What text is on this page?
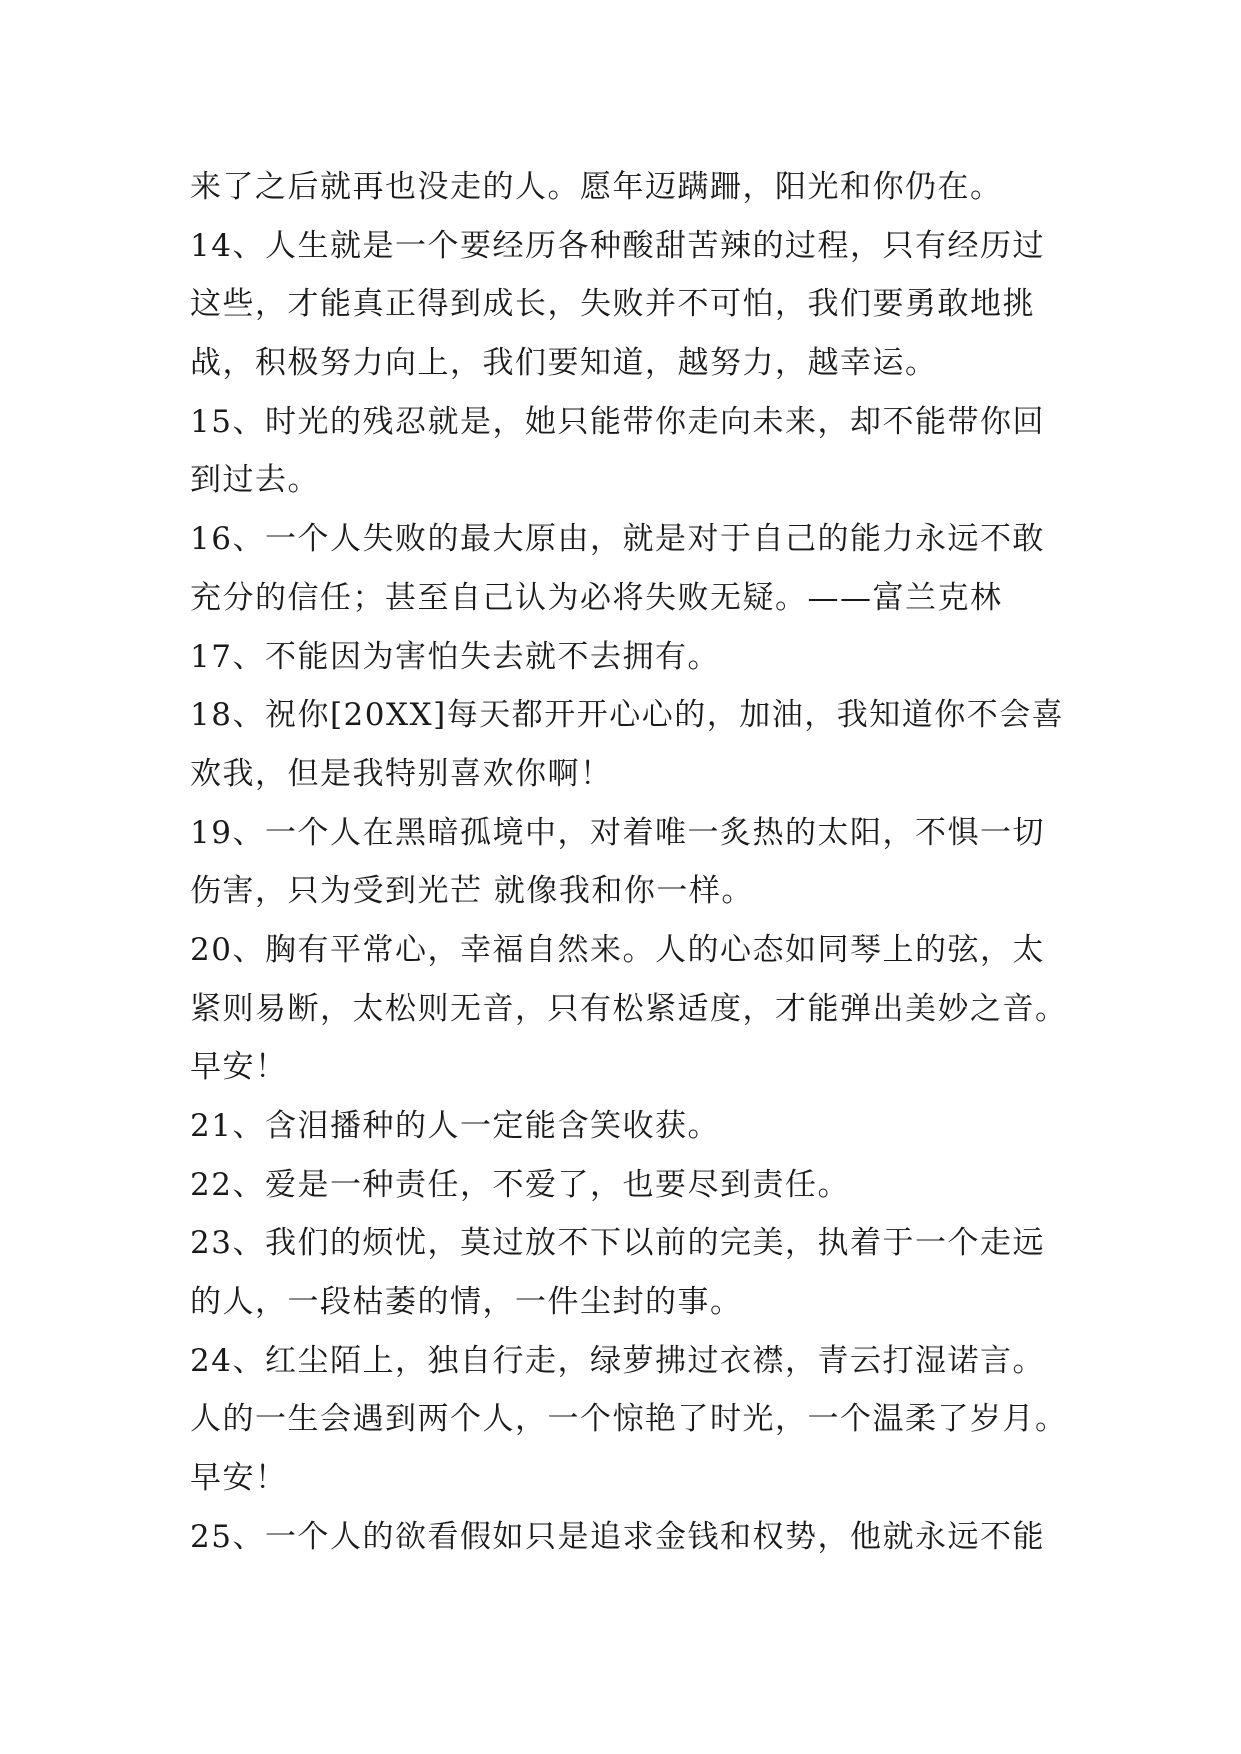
来了之后就再也没走的人。愿年迈蹒跚，阳光和你仍在。
14、人生就是一个要经历各种酸甜苦辣的过程，只有经历过
这些，才能真正得到成长，失败并不可怕，我们要勇敢地挑
战，积极努力向上，我们要知道，越努力，越幸运。
15、时光的残忍就是，她只能带你走向未来，却不能带你回
到过去。
16、一个人失败的最大原由，就是对于自己的能力永远不敢
充分的信任；甚至自己认为必将失败无疑。——富兰克林
17、不能因为害怕失去就不去拥有。
18、祝你[20XX]每天都开开心心的，加油，我知道你不会喜
欢我，但是我特别喜欢你啊！
19、一个人在黑暗孤境中，对着唯一炙热的太阳，不惧一切
伤害，只为受到光芒 就像我和你一样。
20、胸有平常心，幸福自然来。人的心态如同琴上的弦，太
紧则易断，太松则无音，只有松紧适度，才能弹出美妙之音。
早安！
21、含泪播种的人一定能含笑收获。
22、爱是一种责任，不爱了，也要尽到责任。
23、我们的烦忧，莫过放不下以前的完美，执着于一个走远
的人，一段枯萎的情，一件尘封的事。
24、红尘陌上，独自行走，绿萝拂过衣襟，青云打湿诺言。
人的一生会遇到两个人，一个惊艳了时光，一个温柔了岁月。
早安！
25、一个人的欲看假如只是追求金钱和权势，他就永远不能
